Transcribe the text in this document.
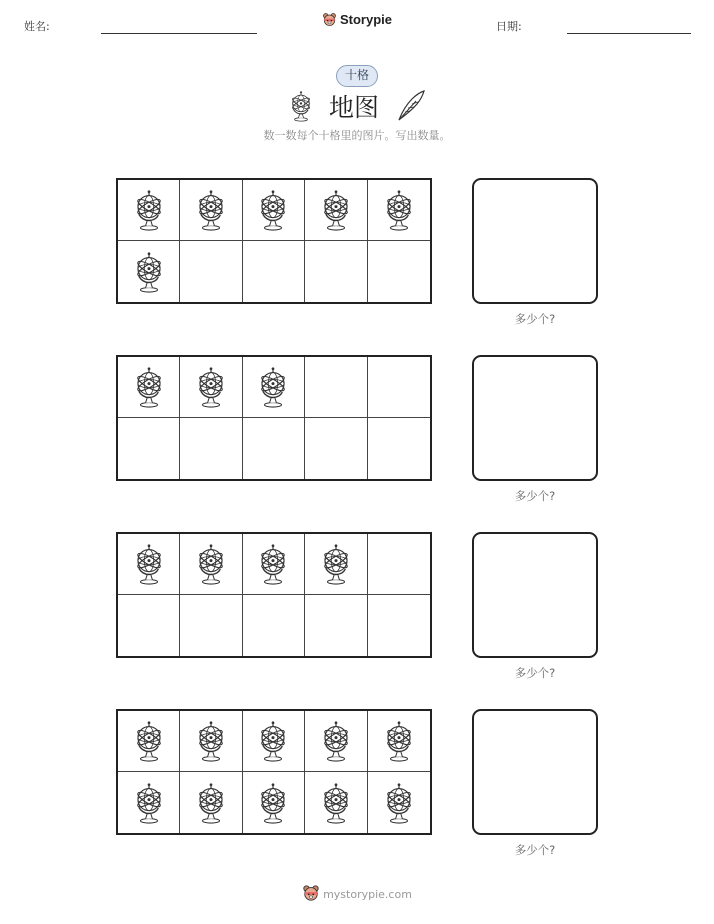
姓名:	Storypie	日期:
十格
地图
数一数每个十格里的图片。写出数量。
多少个?
多少个?
多少个?
多少个?
mystorypie.com
